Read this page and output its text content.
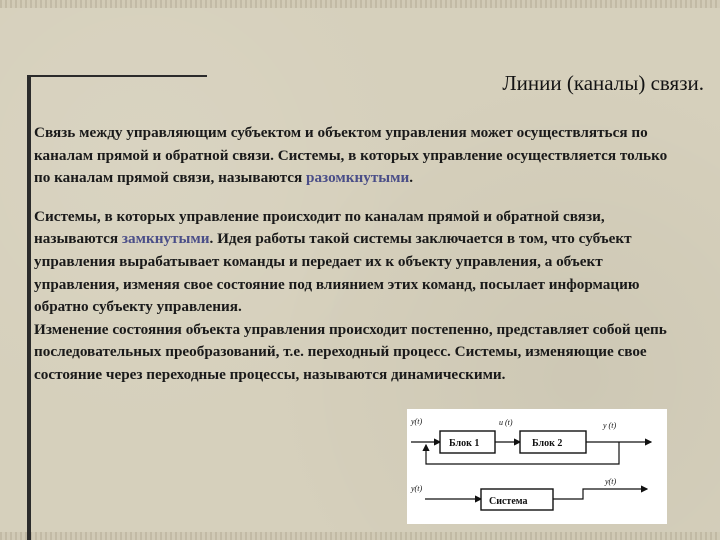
Линии (каналы) связи.

Связь между управляющим субъектом и объектом управления может осуществляться по каналам прямой и обратной связи. Системы, в которых управление осуществляется только по каналам прямой связи, называются разомкнутыми.

Системы, в которых управление происходит по каналам прямой и обратной связи, называются замкнутыми. Идея работы такой системы заключается в том, что субъект управления вырабатывает команды и передает их к объекту управления, а объект управления, изменяя свое состояние под влиянием этих команд, посылает информацию обратно субъекту управления.

Изменение состояния объекта управления происходит постепенно, представляет собой цепь последовательных преобразований, т.е. переходный процесс. Системы, изменяющие свое состояние через переходные процессы, называются динамическими.

y(t)
Блок 1
u (t)
Блок 2
y (t)
y(t)
Система
y(t)
